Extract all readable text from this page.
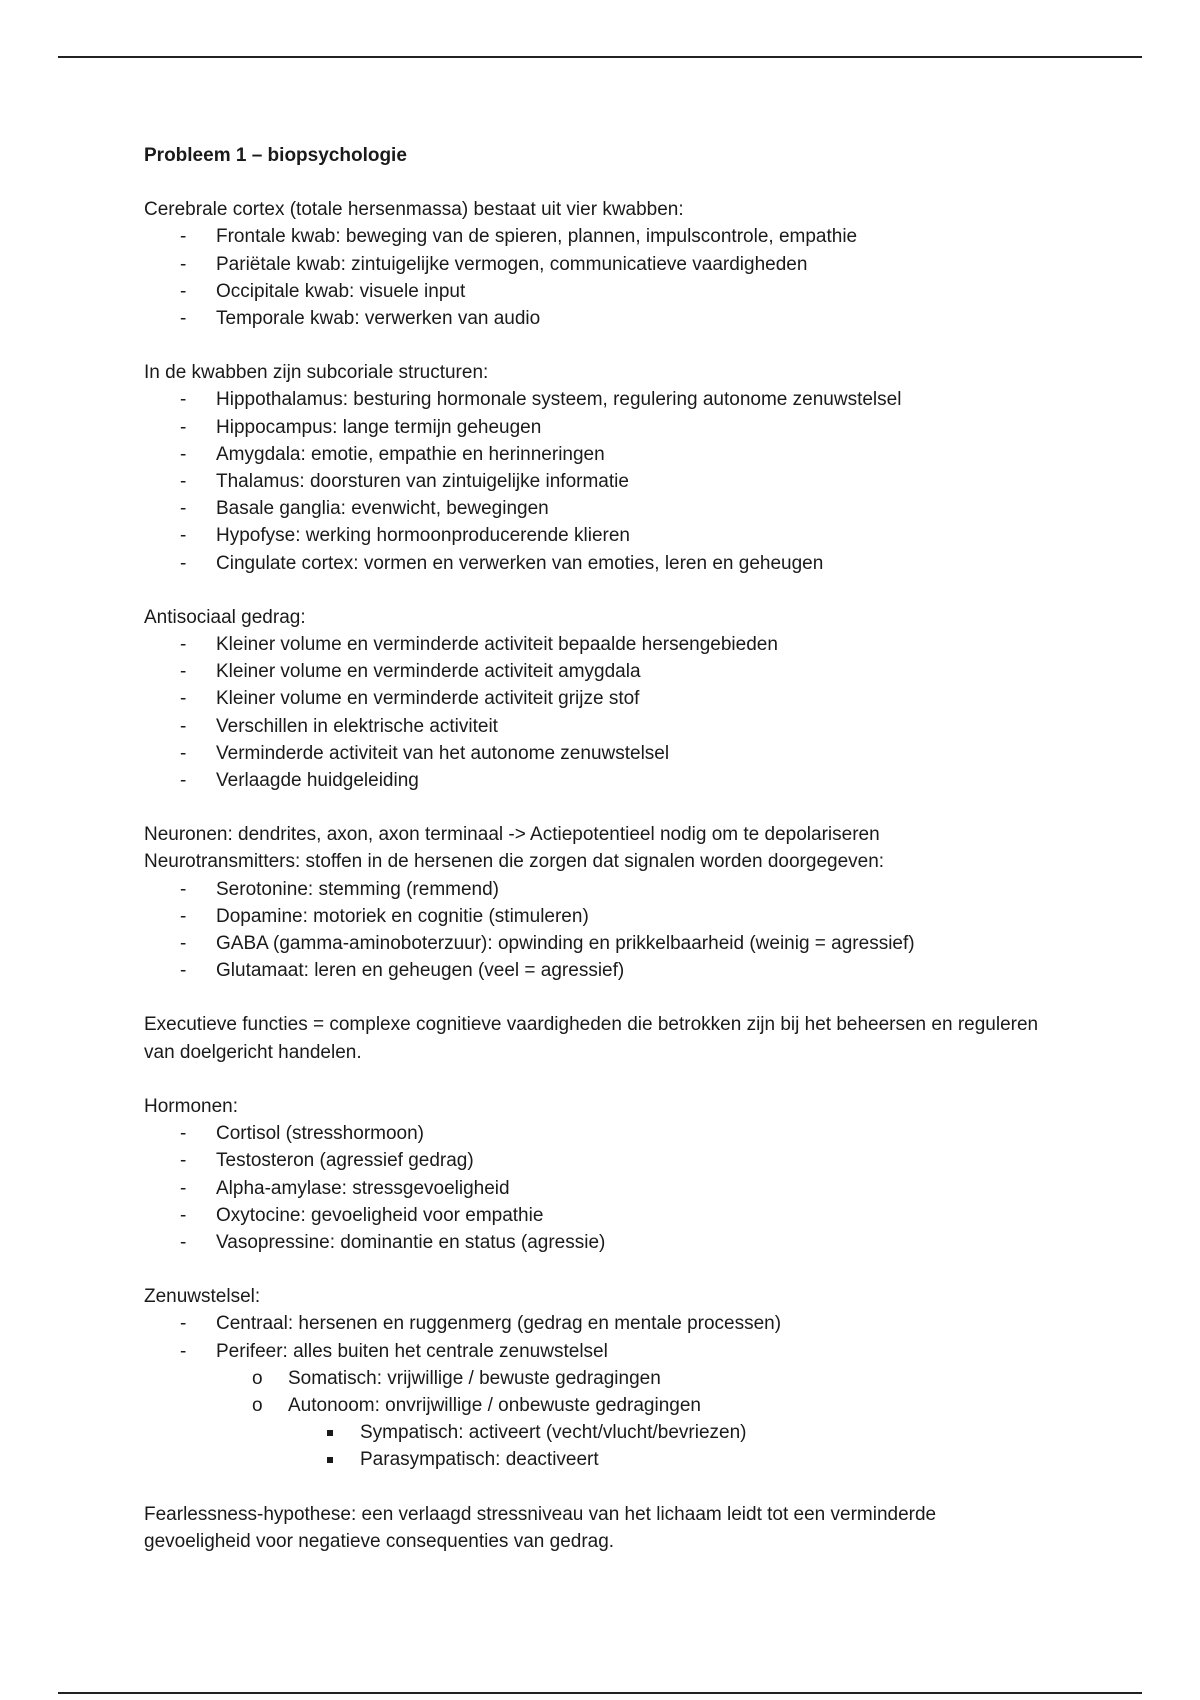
Probleem 1 – biopsychologie

Cerebrale cortex (totale hersenmassa) bestaat uit vier kwabben:

- Frontale kwab: beweging van de spieren, plannen, impulscontrole, empathie
- Pariëtale kwab: zintuigelijke vermogen, communicatieve vaardigheden
- Occipitale kwab: visuele input
- Temporale kwab: verwerken van audio

In de kwabben zijn subcoriale structuren:

- Hippothalamus: besturing hormonale systeem, regulering autonome zenuwstelsel
- Hippocampus: lange termijn geheugen
- Amygdala: emotie, empathie en herinneringen
- Thalamus: doorsturen van zintuigelijke informatie
- Basale ganglia: evenwicht, bewegingen
- Hypofyse: werking hormoonproducerende klieren
- Cingulate cortex: vormen en verwerken van emoties, leren en geheugen

Antisociaal gedrag:

- Kleiner volume en verminderde activiteit bepaalde hersengebieden
- Kleiner volume en verminderde activiteit amygdala
- Kleiner volume en verminderde activiteit grijze stof
- Verschillen in elektrische activiteit
- Verminderde activiteit van het autonome zenuwstelsel
- Verlaagde huidgeleiding

Neuronen: dendrites, axon, axon terminaal -> Actiepotentieel nodig om te depolariseren

Neurotransmitters: stoffen in de hersenen die zorgen dat signalen worden doorgegeven:

- Serotonine: stemming (remmend)
- Dopamine: motoriek en cognitie (stimuleren)
- GABA (gamma-aminoboterzuur): opwinding en prikkelbaarheid (weinig = agressief)
- Glutamaat: leren en geheugen (veel = agressief)

Executieve functies = complexe cognitieve vaardigheden die betrokken zijn bij het beheersen en reguleren van doelgericht handelen.

Hormonen:

- Cortisol (stresshormoon)
- Testosteron (agressief gedrag)
- Alpha-amylase: stressgevoeligheid
- Oxytocine: gevoeligheid voor empathie
- Vasopressine: dominantie en status (agressie)

Zenuwstelsel:

- Centraal: hersenen en ruggenmerg (gedrag en mentale processen)
- Perifeer: alles buiten het centrale zenuwstelsel
o Somatisch: vrijwillige / bewuste gedragingen
o Autonoom: onvrijwillige / onbewuste gedragingen
Sympatisch: activeert (vecht/vlucht/bevriezen)
Parasympatisch: deactiveert

Fearlessness-hypothese: een verlaagd stressniveau van het lichaam leidt tot een verminderde gevoeligheid voor negatieve consequenties van gedrag.
